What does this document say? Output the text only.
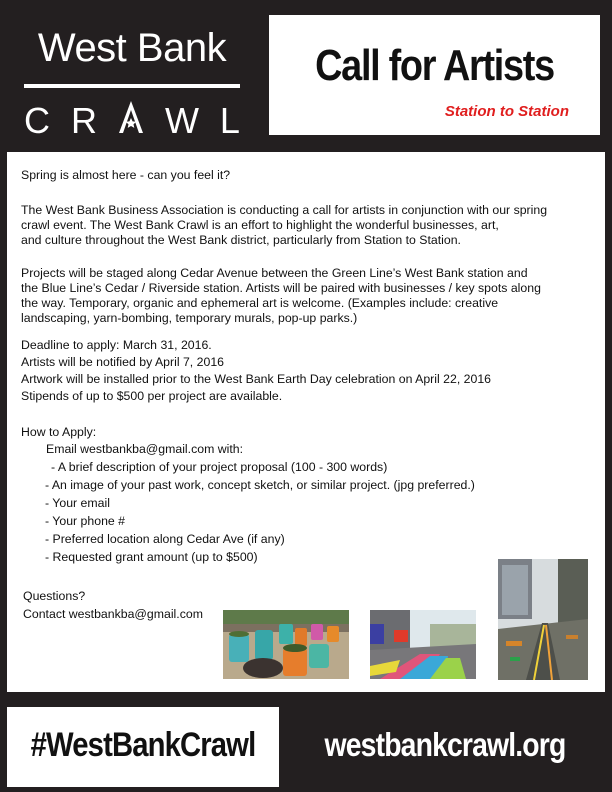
West Bank
C R W L
Call for Artists
Station to Station

Spring is almost here - can you feel it?

The West Bank Business Association is conducting a call for artists in conjunction with our spring

crawl event. The West Bank Crawl is an effort to highlight the wonderful businesses, art,

and culture throughout the West Bank district, particularly from Station to Station.

Projects will be staged along Cedar Avenue between the Green Line’s West Bank station and

the Blue Line’s Cedar / Riverside station. Artists will be paired with businesses / key spots along

the way. Temporary, organic and ephemeral art is welcome. (Examples include: creative

landscaping, yarn-bombing, temporary murals, pop-up parks.)

Deadline to apply: March 31, 2016.

Artists will be notified by April 7, 2016

Artwork will be installed prior to the West Bank Earth Day celebration on April 22, 2016

Stipends of up to $500 per project are available.

How to Apply:

Email westbankba@gmail.com with:

- A brief description of your project proposal (100 - 300 words)

- An image of your past work, concept sketch, or similar project. (jpg preferred.)

- Your email

- Your phone #

- Preferred location along Cedar Ave (if any)

- Requested grant amount (up to $500)

Questions?

Contact westbankba@gmail.com

#WestBankCrawl	westbankcrawl.org
